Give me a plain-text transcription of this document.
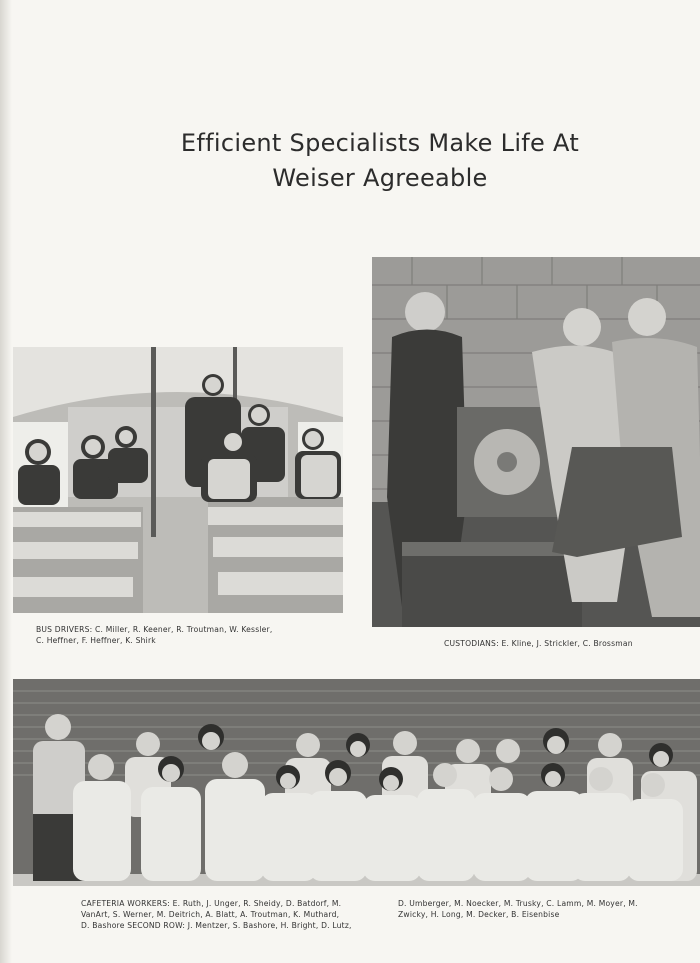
Efficient Specialists Make Life At
Weiser Agreeable
BUS DRIVERS: C. Miller, R. Keener, R. Troutman, W. Kessler,
C. Heffner, F. Heffner, K. Shirk	CUSTODIANS: E. Kline, J. Strickler, C. Brossman
CAFETERIA WORKERS: E. Ruth, J. Unger, R. Sheidy, D. Batdorf, M.
VanArt, S. Werner, M. Deitrich, A. Blatt, A. Troutman, K. Muthard,
D. Bashore SECOND ROW: J. Mentzer, S. Bashore, H. Bright, D. Lutz,
D. Umberger, M. Noecker, M. Trusky, C. Lamm, M. Moyer, M.
Zwicky, H. Long, M. Decker, B. Eisenbise
